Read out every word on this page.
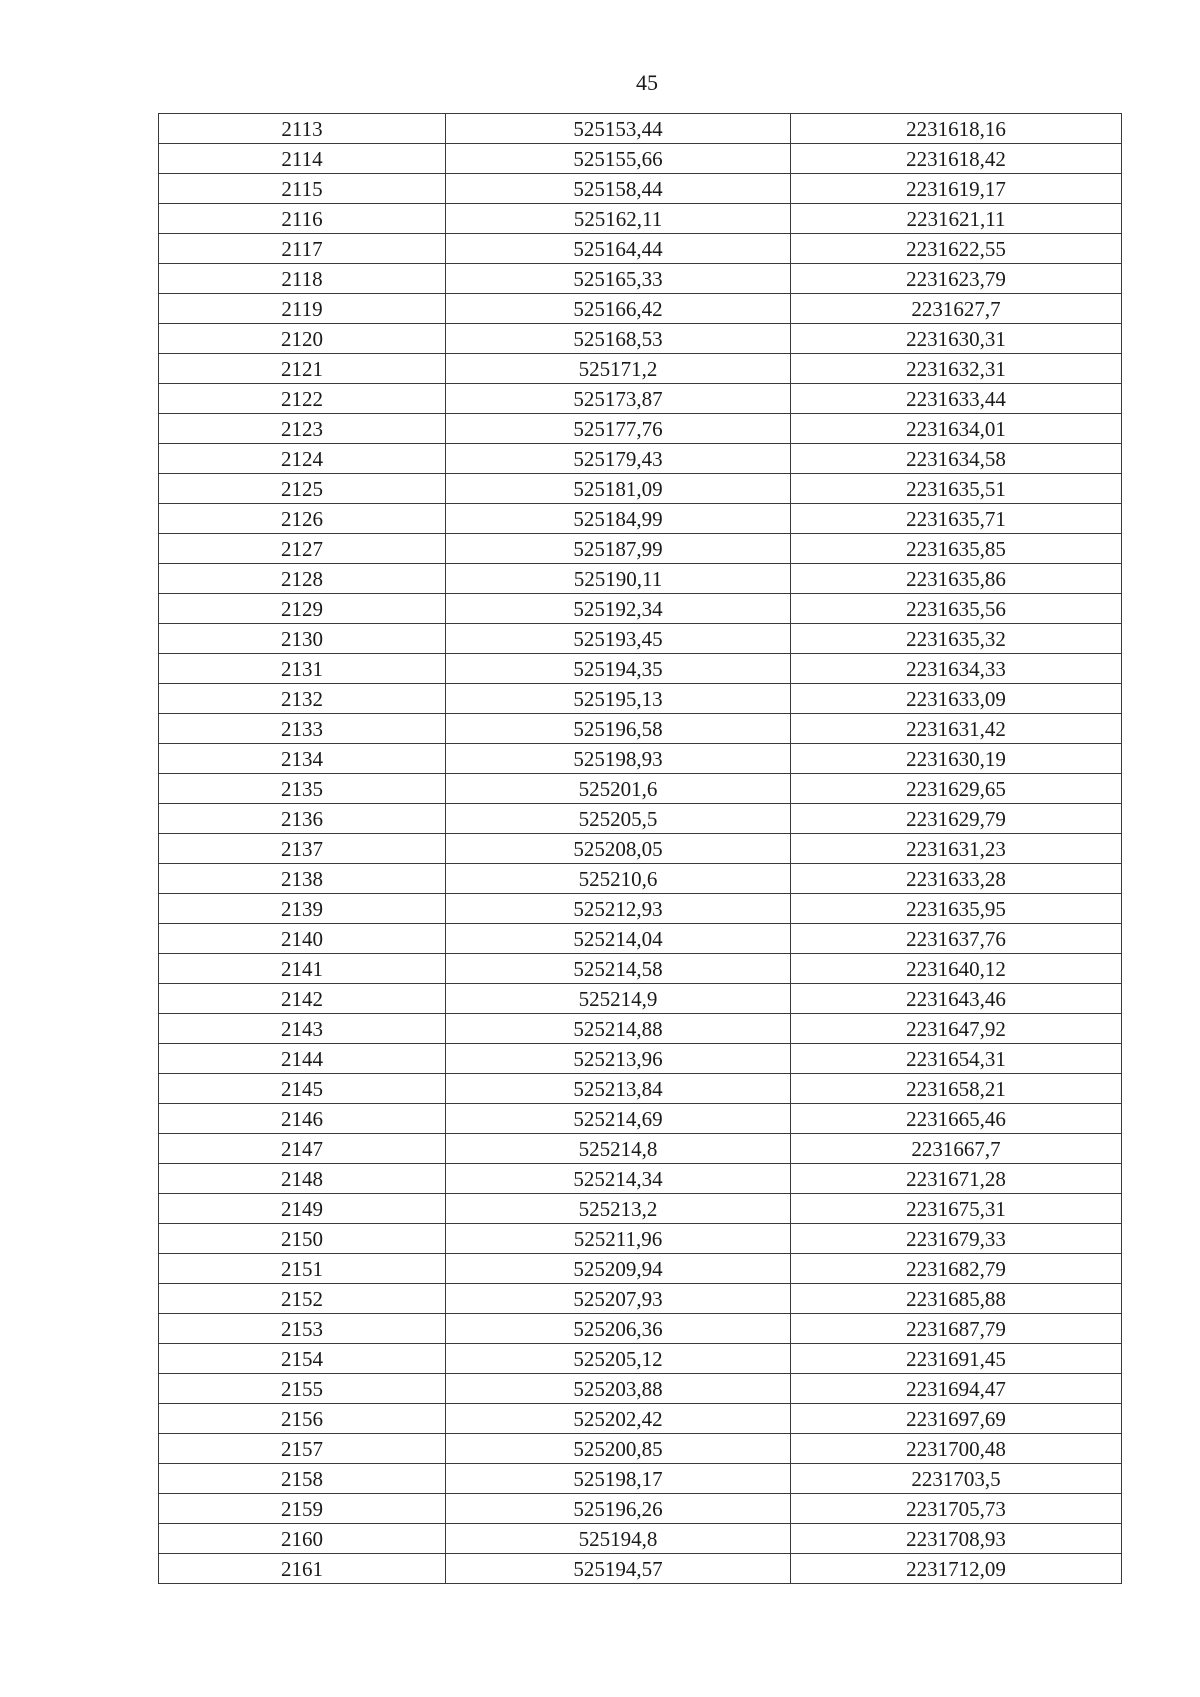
45
2113	525153,44	2231618,16
2114	525155,66	2231618,42
2115	525158,44	2231619,17
2116	525162,11	2231621,11
2117	525164,44	2231622,55
2118	525165,33	2231623,79
2119	525166,42	2231627,7
2120	525168,53	2231630,31
2121	525171,2	2231632,31
2122	525173,87	2231633,44
2123	525177,76	2231634,01
2124	525179,43	2231634,58
2125	525181,09	2231635,51
2126	525184,99	2231635,71
2127	525187,99	2231635,85
2128	525190,11	2231635,86
2129	525192,34	2231635,56
2130	525193,45	2231635,32
2131	525194,35	2231634,33
2132	525195,13	2231633,09
2133	525196,58	2231631,42
2134	525198,93	2231630,19
2135	525201,6	2231629,65
2136	525205,5	2231629,79
2137	525208,05	2231631,23
2138	525210,6	2231633,28
2139	525212,93	2231635,95
2140	525214,04	2231637,76
2141	525214,58	2231640,12
2142	525214,9	2231643,46
2143	525214,88	2231647,92
2144	525213,96	2231654,31
2145	525213,84	2231658,21
2146	525214,69	2231665,46
2147	525214,8	2231667,7
2148	525214,34	2231671,28
2149	525213,2	2231675,31
2150	525211,96	2231679,33
2151	525209,94	2231682,79
2152	525207,93	2231685,88
2153	525206,36	2231687,79
2154	525205,12	2231691,45
2155	525203,88	2231694,47
2156	525202,42	2231697,69
2157	525200,85	2231700,48
2158	525198,17	2231703,5
2159	525196,26	2231705,73
2160	525194,8	2231708,93
2161	525194,57	2231712,09
